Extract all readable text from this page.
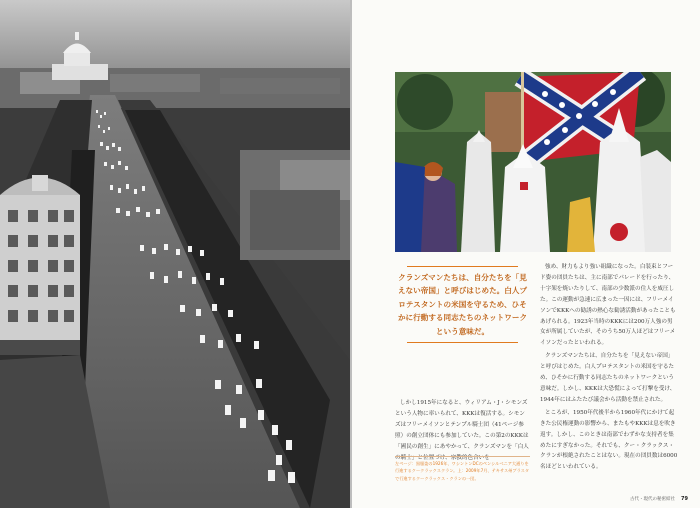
クランズマンたちは、自分たちを「見えない帝国」と呼びはじめた。白人プロテスタントの米国を守るため、ひそかに行動する同志たちのネットワークという意味だ。

しかし1915年になると、ウィリアム・J・シモンズという人物に率いられて、KKKは復活する。シモンズはフリーメイソンとテンプル騎士団（41ページ参照）の創立団体にも参加していた。この第2のKKKは「國民の創生」にあやかって、クランズマンを「白人の騎士」と位置づけ、宗教的色合いを

左ページ：黒服姿の1926年、ワシントンDCのペンシルベニア大通りを行進するクークラックスクラン。上：2009年7月、テキサス州ブラスタで行進するクークラックス・クランの一団。

強め、財力もより強い組織になった。白装束とフード姿の団員たちは、主に南部でパレードを行ったり、十字架を焼いたりして、南部の少数派の住人を威圧した。この運動が急速に広まった一因には、フリーメイソンでKKKへの勧誘の熱心な勧誘活動があったこともあげられる。1923年当時のKKKには200万人強の男女が所属していたが、そのうち50万人ほどはフリーメイソンだったといわれる。

クランズマンたちは、自分たちを「見えない帝国」と呼びはじめた。白人プロテスタントの米国を守るため、ひそかに行動する同志たちのネットワークという意味だ。しかし、KKKは大恐慌によって打撃を受け、1944年にはふたたび議会から活動を禁止された。

ところが、1950年代後半から1960年代にかけて起きた公民権運動の影響から、またもやKKKは息を吹き返す。しかし、このときは南部でわずかな支持者を集めたにすぎなかった。それでも、クー・クラックス・クランが根絶されたことはない。現在の団員数は6000名ほどといわれている。

古代・現代の秘密結社 79
